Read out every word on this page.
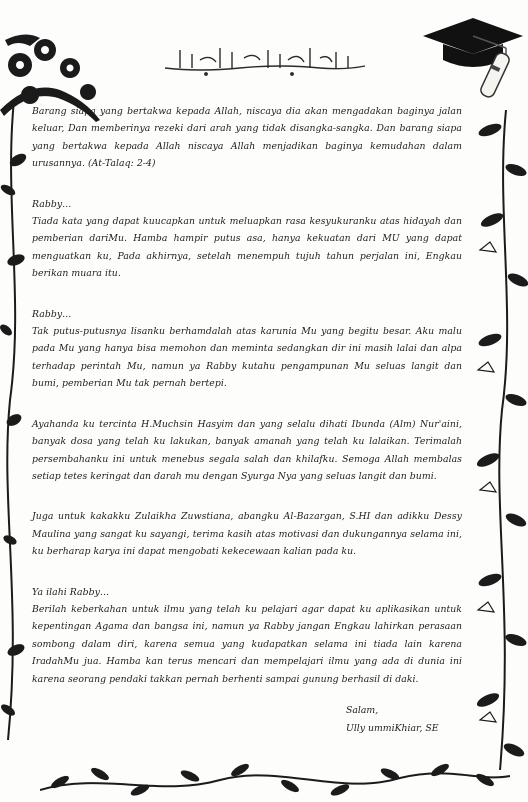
Barang siapa yang bertakwa kepada Allah, niscaya dia akan mengadakan baginya jalan keluar, Dan memberinya rezeki dari arah yang tidak disangka-sangka. Dan barang siapa yang bertakwa kepada Allah niscaya Allah menjadikan baginya kemudahan dalam urusannya. (At-Talaq: 2-4)

Rabby…

Tiada kata yang dapat kuucapkan untuk meluapkan rasa kesyukuranku atas hidayah dan pemberian dariMu. Hamba hampir putus asa, hanya kekuatan dari MU yang dapat menguatkan ku, Pada akhirnya, setelah menempuh tujuh tahun perjalan ini, Engkau berikan muara itu.

Rabby…

Tak putus-putusnya lisanku berhamdalah atas karunia Mu yang begitu besar. Aku malu pada Mu yang hanya bisa memohon dan meminta sedangkan dir ini masih lalai dan alpa terhadap perintah Mu, namun ya Rabby kutahu pengampunan Mu seluas langit dan bumi, pemberian Mu tak pernah bertepi.

Ayahanda ku tercinta H.Muchsin Hasyim dan yang selalu dihati Ibunda (Alm) Nur'aini, banyak dosa yang telah ku lakukan, banyak amanah yang telah ku lalaikan. Terimalah persembahanku ini untuk menebus segala salah dan khilafku. Semoga Allah membalas setiap tetes keringat dan darah mu dengan Syurga Nya yang seluas langit dan bumi.

Juga untuk kakakku Zulaikha Zuwstiana, abangku Al-Bazargan, S.HI dan adikku Dessy Maulina yang sangat ku sayangi, terima kasih atas motivasi dan dukungannya selama ini, ku berharap karya ini dapat mengobati kekecewaan kalian pada ku.

Ya ilahi Rabby…

Berilah keberkahan untuk ilmu yang telah ku pelajari agar dapat ku aplikasikan untuk kepentingan Agama dan bangsa ini, namun ya Rabby jangan Engkau lahirkan perasaan sombong dalam diri, karena semua yang kudapatkan selama ini tiada lain karena IradahMu jua. Hamba kan terus mencari dan mempelajari ilmu yang ada di dunia ini karena seorang pendaki takkan pernah berhenti sampai gunung berhasil di daki.

Salam,
Ully ummiKhiar, SE
